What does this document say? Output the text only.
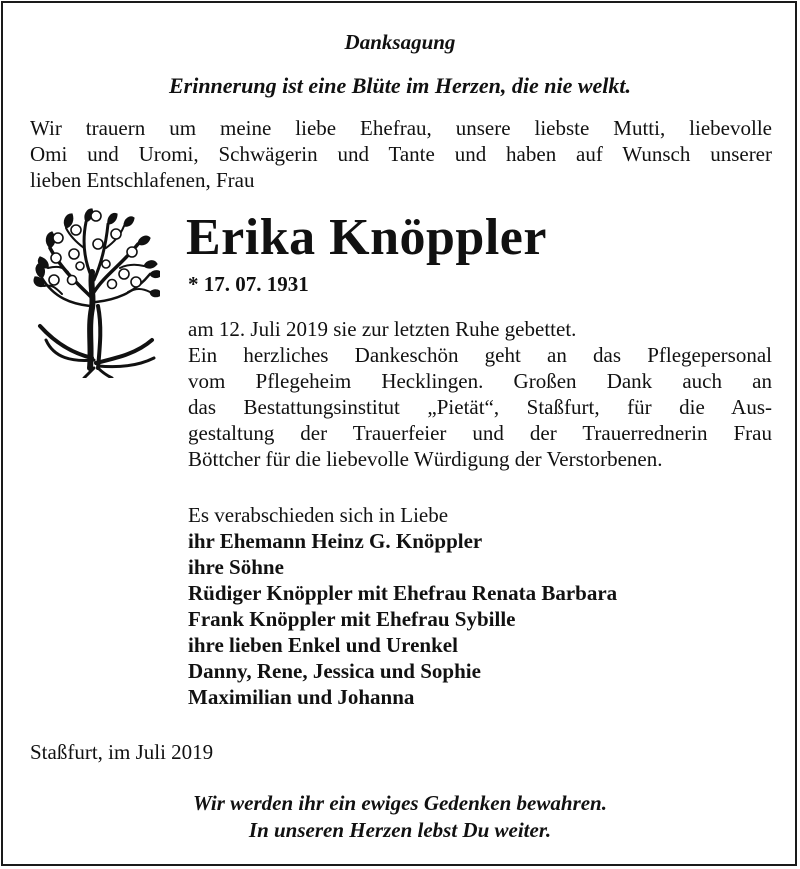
Danksagung
Erinnerung ist eine Blüte im Herzen, die nie welkt.
Wir trauern um meine liebe Ehefrau, unsere liebste Mutti, liebevolle
Omi und Uromi, Schwägerin und Tante und haben auf Wunsch unserer
lieben Entschlafenen, Frau
Erika Knöppler
* 17. 07. 1931
am 12. Juli 2019 sie zur letzten Ruhe gebettet.
Ein herzliches Dankeschön geht an das Pflegepersonal
vom Pflegeheim Hecklingen. Großen Dank auch an
das Bestattungsinstitut „Pietät“, Staßfurt, für die Aus-
gestaltung der Trauerfeier und der Trauerrednerin Frau
Böttcher für die liebevolle Würdigung der Verstorbenen.
Es verabschieden sich in Liebe
ihr Ehemann Heinz G. Knöppler
ihre Söhne
Rüdiger Knöppler mit Ehefrau Renata Barbara
Frank Knöppler mit Ehefrau Sybille
ihre lieben Enkel und Urenkel
Danny, Rene, Jessica und Sophie
Maximilian und Johanna
Staßfurt, im Juli 2019
Wir werden ihr ein ewiges Gedenken bewahren.
In unseren Herzen lebst Du weiter.
